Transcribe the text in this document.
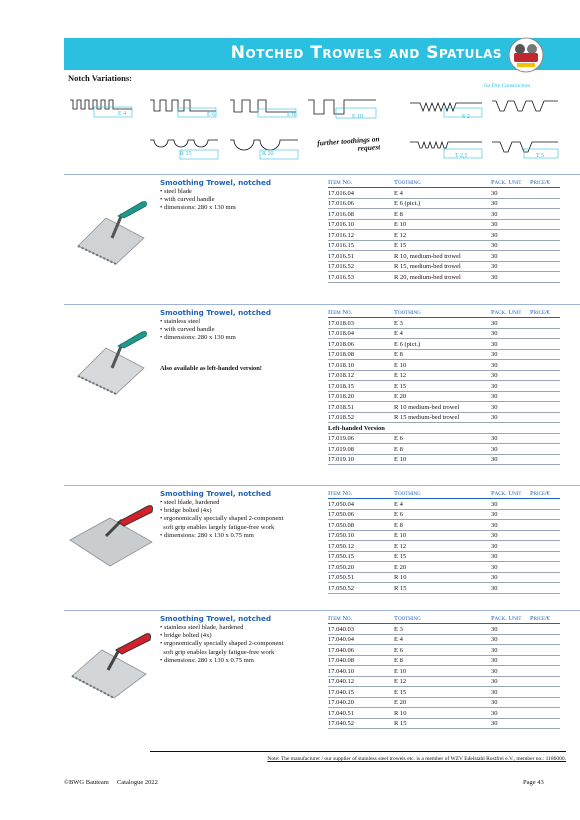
Notched Trowels and Spatulas
Notch Variations:
for Dry Construction
E 4	E 6	E 8	E 10	S 2
R 15	R 20
further toothings on request
T 2,5	T 5
Smoothing Trowel, notched
• steel blade
• with curved handle
• dimensions: 280 x 130 mm
Item No.	Toothing	Pack. Unit Price/€
17.016.04	E 4	30
17.016.06	E 6 (pict.)	30
17.016.08	E 8	30
17.016.10	E 10	30
17.016.12	E 12	30
17.016.15	E 15	30
17.016.51	R 10, medium-bed trowel	30
17.016.52	R 15, medium-bed trowel	30
17.016.53	R 20, medium-bed trowel	30
Smoothing Trowel, notched
• stainless steel
• with curved handle
• dimensions: 280 x 130 mm
Also available as left-handed version!
Item No.	Toothing	Pack. Unit Price/€
17.018.03	E 3	30
17.018.04	E 4	30
17.018.06	E 6 (pict.)	30
17.018.08	E 8	30
17.018.10	E 10	30
17.018.12	E 12	30
17.018.15	E 15	30
17.018.20	E 20	30
17.018.51	R 10 medium-bed trowel	30
17.018.52	R 15 medium-bed trowel	30
Left-handed Version
17.019.06	E 6	30
17.019.08	E 8	30
17.019.10	E 10	30
Smoothing Trowel, notched
• steel blade, hardened
• bridge bolted (4x)
• ergonomically specially shaped 2-component
soft grip enables largely fatigue-free work
• dimensions: 280 x 130 x 0.75 mm
Item No.	Toothing	Pack. Unit Price/€
17.050.04	E 4	30
17.050.06	E 6	30
17.050.08	E 8	30
17.050.10	E 10	30
17.050.12	E 12	30
17.050.15	E 15	30
17.050.20	E 20	30
17.050.51	R 10	30
17.050.52	R 15	30
Smoothing Trowel, notched
• stainless steel blade, hardened
• bridge bolted (4x)
• ergonomically specially shaped 2-component
soft grip enables largely fatigue-free work
• dimensions: 280 x 130 x 0.75 mm
Item No.	Toothing	Pack. Unit Price/€
17.040.03	E 3	30
17.040.04	E 4	30
17.040.06	E 6	30
17.040.08	E 8	30
17.040.10	E 10	30
17.040.12	E 12	30
17.040.15	E 15	30
17.040.20	E 20	30
17.040.51	R 10	30
17.040.52	R 15	30
Note: The manufacturer / our supplier of stainless steel trowels etc. is a member of WZV Edelstahl Rostfrei e.V., member no.: 1186000.
©BWG Bauteam     Catalogue 2022	Page 43
